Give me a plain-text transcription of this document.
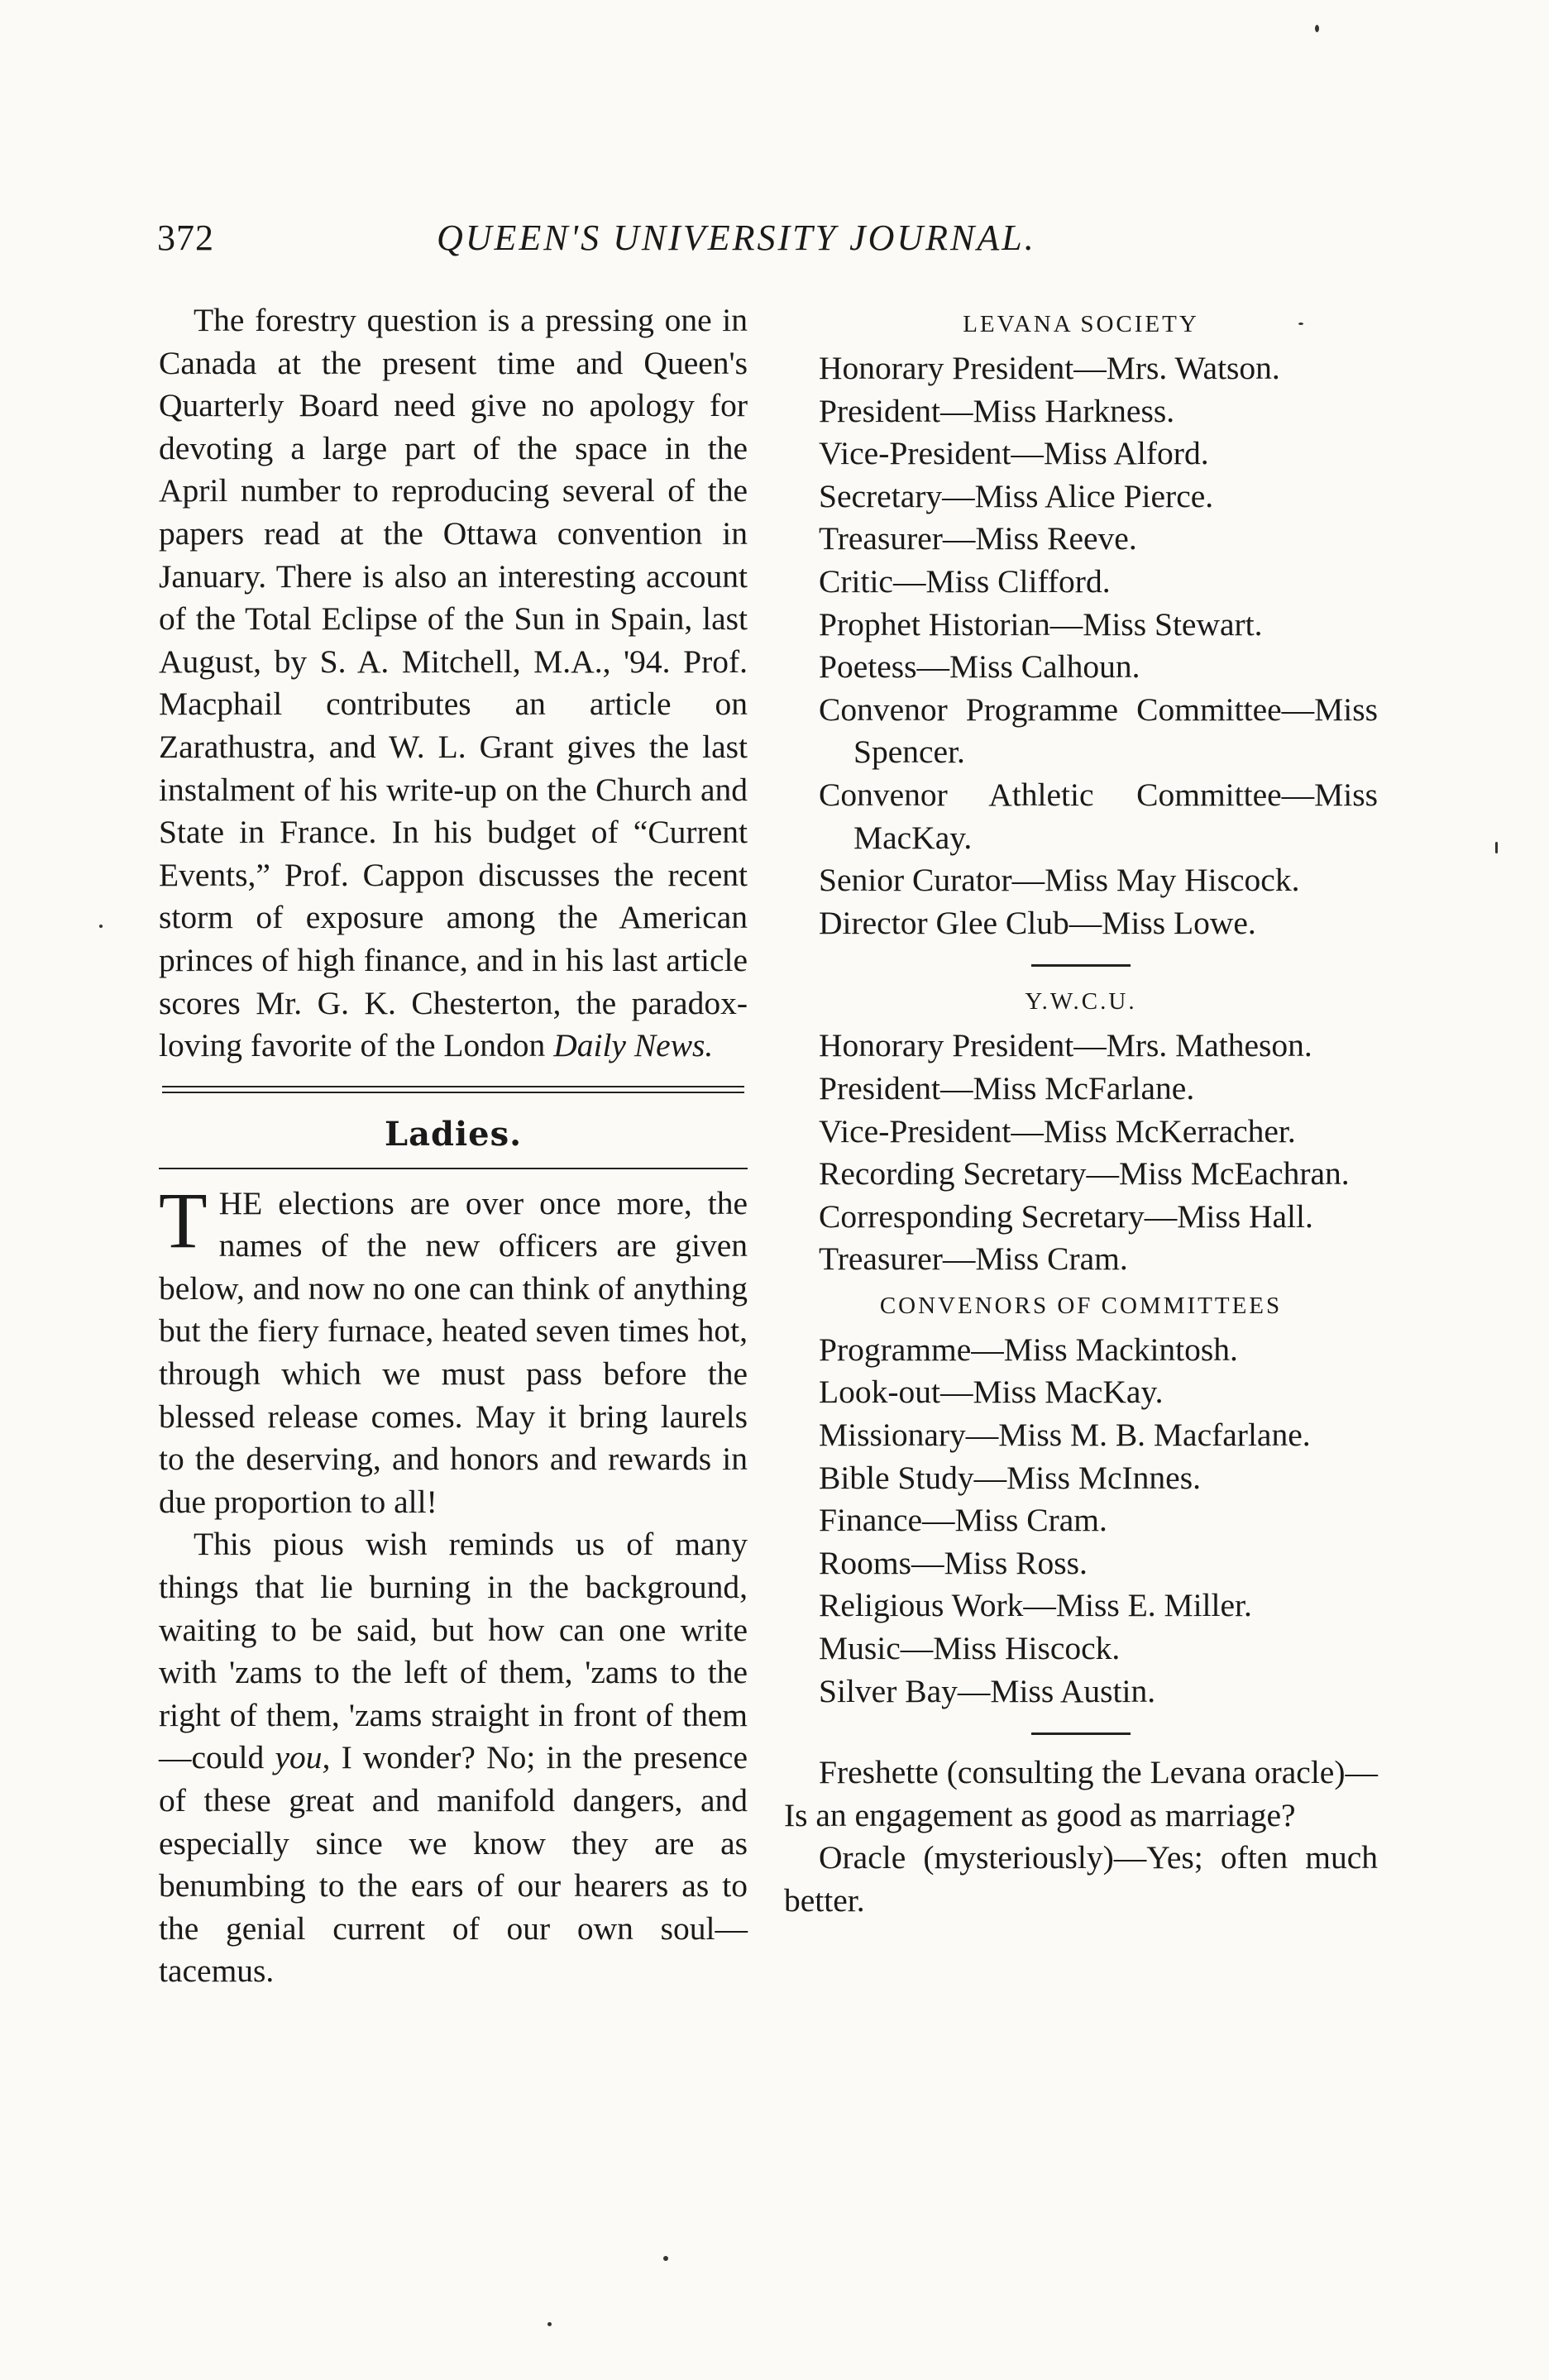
372	QUEEN'S UNIVERSITY JOURNAL.

The forestry question is a pressing one in Canada at the present time and Queen's Quarterly Board need give no apology for devoting a large part of the space in the April number to reproducing several of the papers read at the Ottawa convention in January. There is also an interesting account of the Total Eclipse of the Sun in Spain, last August, by S. A. Mitchell, M.A., '94. Prof. Macphail contributes an article on Zarathustra, and W. L. Grant gives the last instalment of his write-up on the Church and State in France. In his budget of “Current Events,” Prof. Cappon discusses the recent storm of exposure among the American princes of high finance, and in his last article scores Mr. G. K. Chesterton, the paradox-loving favorite of the London Daily News.

Ladies.

THE elections are over once more, the names of the new officers are given below, and now no one can think of anything but the fiery furnace, heated seven times hot, through which we must pass before the blessed release comes. May it bring laurels to the deserving, and honors and rewards in due proportion to all!

This pious wish reminds us of many things that lie burning in the background, waiting to be said, but how can one write with 'zams to the left of them, 'zams to the right of them, 'zams straight in front of them—could you, I wonder? No; in the presence of these great and manifold dangers, and especially since we know they are as benumbing to the ears of our hearers as to the genial current of our own soul—tacemus.

LEVANA SOCIETY

Honorary President—Mrs. Watson.

President—Miss Harkness.

Vice-President—Miss Alford.

Secretary—Miss Alice Pierce.

Treasurer—Miss Reeve.

Critic—Miss Clifford.

Prophet Historian—Miss Stewart.

Poetess—Miss Calhoun.

Convenor Programme Committee—Miss Spencer.

Convenor Athletic Committee—Miss MacKay.

Senior Curator—Miss May Hiscock.

Director Glee Club—Miss Lowe.

Y.W.C.U.

Honorary President—Mrs. Matheson.

President—Miss McFarlane.

Vice-President—Miss McKerracher.

Recording Secretary—Miss McEachran.

Corresponding Secretary—Miss Hall.

Treasurer—Miss Cram.

CONVENORS OF COMMITTEES

Programme—Miss Mackintosh.

Look-out—Miss MacKay.

Missionary—Miss M. B. Macfarlane.

Bible Study—Miss McInnes.

Finance—Miss Cram.

Rooms—Miss Ross.

Religious Work—Miss E. Miller.

Music—Miss Hiscock.

Silver Bay—Miss Austin.

Freshette (consulting the Levana oracle)—Is an engagement as good as marriage?

Oracle (mysteriously)—Yes; often much better.
